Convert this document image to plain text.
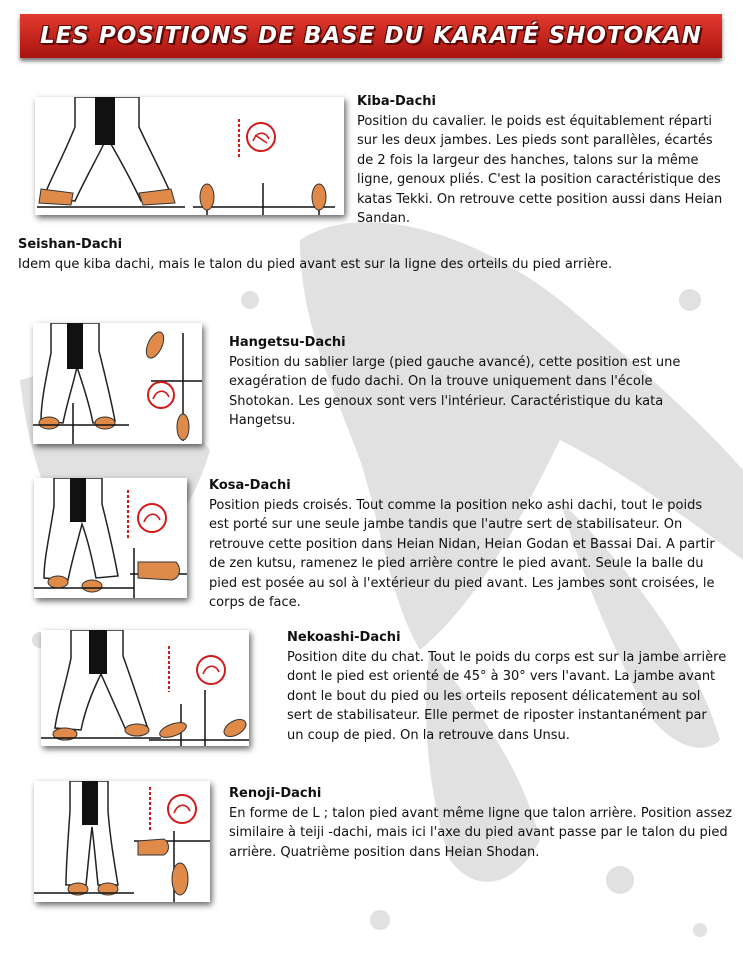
LES POSITIONS DE BASE DU KARATÉ SHOTOKAN
Kiba-Dachi
Position du cavalier. le poids est équitablement réparti sur les deux jambes. Les pieds sont parallèles, écartés de 2 fois la largeur des hanches, talons sur la même ligne, genoux pliés. C'est la position caractéristique des katas Tekki. On retrouve cette position aussi dans Heian Sandan.
Seishan-Dachi
Idem que kiba dachi, mais le talon du pied avant est sur la ligne des orteils du pied arrière.
Hangetsu-Dachi
Position du sablier large (pied gauche avancé), cette position est une exagération de fudo dachi. On la trouve uniquement dans l'école Shotokan. Les genoux sont vers l'intérieur. Caractéristique du kata Hangetsu.
Kosa-Dachi
Position pieds croisés. Tout comme la position neko ashi dachi, tout le poids est porté sur une seule jambe tandis que l'autre sert de stabilisateur. On retrouve cette position dans Heian Nidan, Heian Godan et Bassai Dai. A partir de zen kutsu, ramenez le pied arrière contre le pied avant. Seule la balle du pied est posée au sol à l'extérieur du pied avant. Les jambes sont croisées, le corps de face.
Nekoashi-Dachi
Position dite du chat. Tout le poids du corps est sur la jambe arrière dont le pied est orienté de 45° à 30° vers l'avant. La jambe avant dont le bout du pied ou les orteils reposent délicatement au sol sert de stabilisateur. Elle permet de riposter instantanément par un coup de pied. On la retrouve dans Unsu.
Renoji-Dachi
En forme de L ; talon pied avant même ligne que talon arrière. Position assez similaire à teiji -dachi, mais ici l'axe du pied avant passe par le talon du pied arrière. Quatrième position dans Heian Shodan.
